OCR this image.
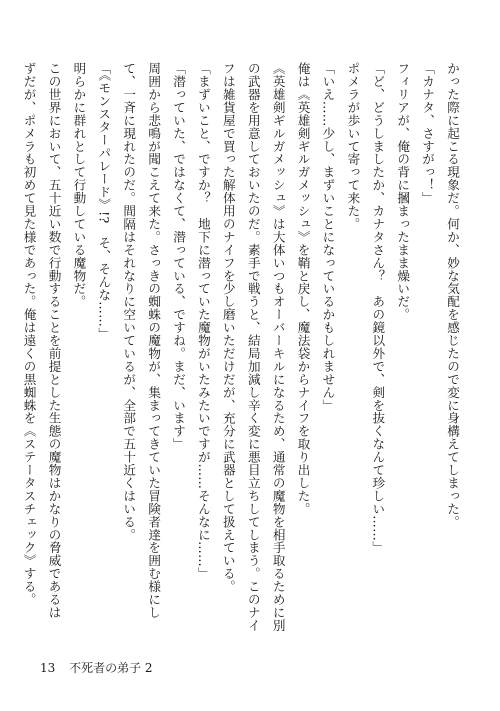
かった際に起こる現象だ。何か、妙な気配を感じたので変に身構えてしまった。
「カナタ、さすがっ！」
フィリアが、俺の背に摑まったまま燥いだ。
「ど、どうしましたか、カナタさん？　あの鏡以外で、剣を抜くなんて珍しい……」
ポメラが歩いて寄って来た。
「いえ……少し、まずいことになっているかもしれません」
俺は《英雄剣ギルガメッシュ》を鞘と戻し、魔法袋からナイフを取り出した。
《英雄剣ギルガメッシュ》は大体いつもオーバーキルになるため、通常の魔物を相手取るために別
の武器を用意しておいたのだ。素手で戦うと、結局加減し辛く変に悪目立ちしてしまう。このナイ
フは雑貨屋で買った解体用のナイフを少し磨いただけだが、充分に武器として扱えている。
「まずいこと、ですか？　地下に潜っていた魔物がいたみたいですが……そんなに……」
「潜っていた、ではなくて、潜っている、ですね。まだ、います」
周囲から悲鳴が聞こえて来た。さっきの蜘蛛の魔物が、集まってきていた冒険者達を囲む様にし
て、一斉に現れたのだ。間隔はそれなりに空いているが、全部で五十近くはいる。
「《モンスターパレード》!?　そ、そんな……」
明らかに群れとして行動している魔物だ。
この世界において、五十近い数で行動することを前提とした生態の魔物はかなりの脅威であるは
ずだが、ポメラも初めて見た様であった。俺は遠くの黒蜘蛛を《ステータスチェック》する。
13 不死者の弟子 2
